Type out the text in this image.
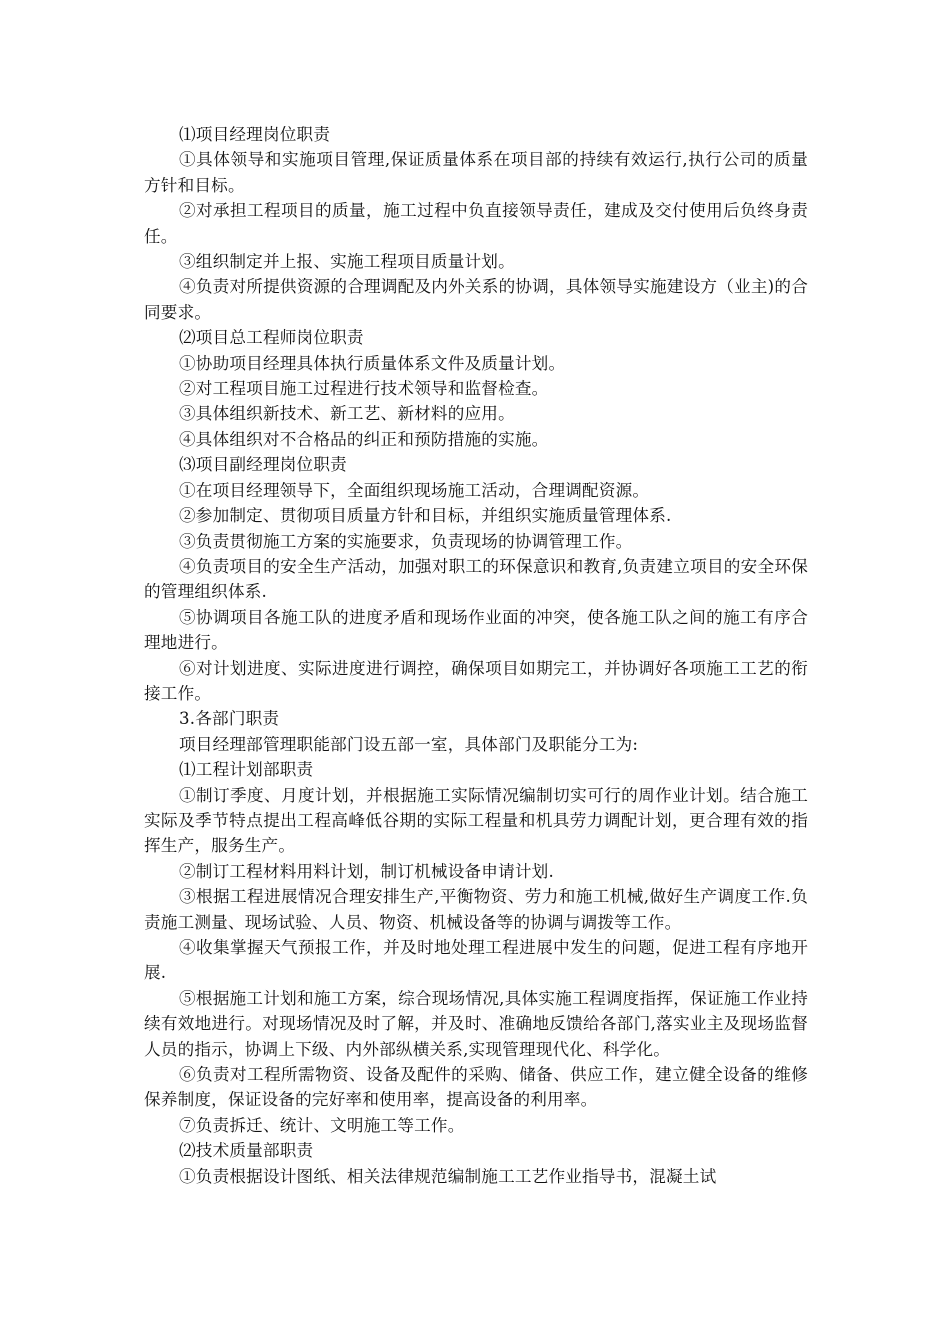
⑴项目经理岗位职责

①具体领导和实施项目管理,保证质量体系在项目部的持续有效运行,执行公司的质量方针和目标。

②对承担工程项目的质量，施工过程中负直接领导责任，建成及交付使用后负终身责任。

③组织制定并上报、实施工程项目质量计划。

④负责对所提供资源的合理调配及内外关系的协调，具体领导实施建设方（业主)的合同要求。

⑵项目总工程师岗位职责

①协助项目经理具体执行质量体系文件及质量计划。

②对工程项目施工过程进行技术领导和监督检查。

③具体组织新技术、新工艺、新材料的应用。

④具体组织对不合格品的纠正和预防措施的实施。

⑶项目副经理岗位职责

①在项目经理领导下，全面组织现场施工活动，合理调配资源。

②参加制定、贯彻项目质量方针和目标，并组织实施质量管理体系.

③负责贯彻施工方案的实施要求，负责现场的协调管理工作。

④负责项目的安全生产活动，加强对职工的环保意识和教育,负责建立项目的安全环保的管理组织体系.

⑤协调项目各施工队的进度矛盾和现场作业面的冲突，使各施工队之间的施工有序合理地进行。

⑥对计划进度、实际进度进行调控，确保项目如期完工，并协调好各项施工工艺的衔接工作。

3.各部门职责

项目经理部管理职能部门设五部一室，具体部门及职能分工为:

⑴工程计划部职责

①制订季度、月度计划，并根据施工实际情况编制切实可行的周作业计划。结合施工实际及季节特点提出工程高峰低谷期的实际工程量和机具劳力调配计划，更合理有效的指挥生产，服务生产。

②制订工程材料用料计划，制订机械设备申请计划.

③根据工程进展情况合理安排生产,平衡物资、劳力和施工机械,做好生产调度工作.负责施工测量、现场试验、人员、物资、机械设备等的协调与调拨等工作。

④收集掌握天气预报工作，并及时地处理工程进展中发生的问题，促进工程有序地开展.

⑤根据施工计划和施工方案，综合现场情况,具体实施工程调度指挥，保证施工作业持续有效地进行。对现场情况及时了解，并及时、准确地反馈给各部门,落实业主及现场监督人员的指示，协调上下级、内外部纵横关系,实现管理现代化、科学化。

⑥负责对工程所需物资、设备及配件的采购、储备、供应工作，建立健全设备的维修保养制度，保证设备的完好率和使用率，提高设备的利用率。

⑦负责拆迁、统计、文明施工等工作。

⑵技术质量部职责

①负责根据设计图纸、相关法律规范编制施工工艺作业指导书，混凝土试
